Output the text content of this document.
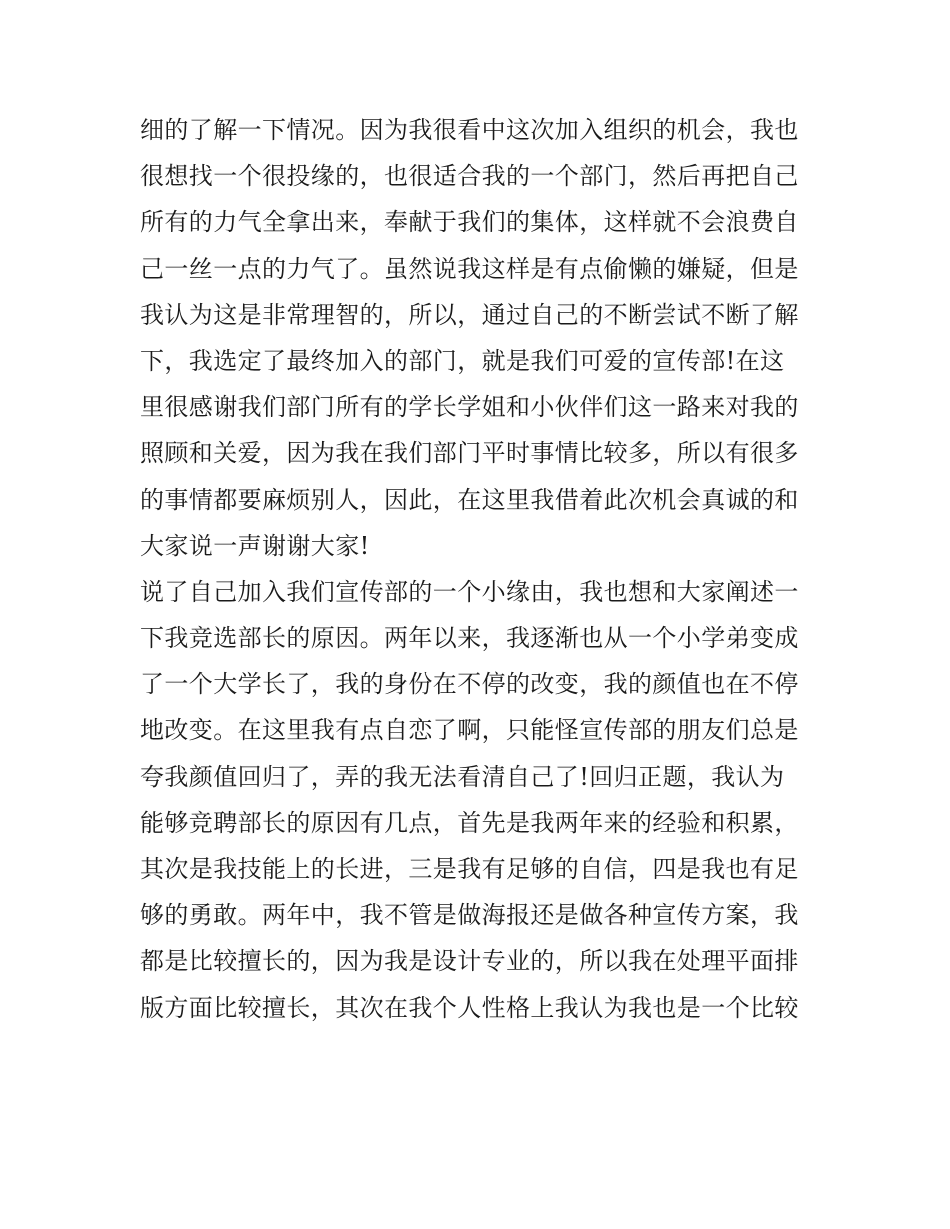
细的了解一下情况。因为我很看中这次加入组织的机会，我也
很想找一个很投缘的，也很适合我的一个部门，然后再把自己
所有的力气全拿出来，奉献于我们的集体，这样就不会浪费自
己一丝一点的力气了。虽然说我这样是有点偷懒的嫌疑，但是
我认为这是非常理智的，所以，通过自己的不断尝试不断了解
下，我选定了最终加入的部门，就是我们可爱的宣传部!在这
里很感谢我们部门所有的学长学姐和小伙伴们这一路来对我的
照顾和关爱，因为我在我们部门平时事情比较多，所以有很多
的事情都要麻烦别人，因此，在这里我借着此次机会真诚的和
大家说一声谢谢大家!
说了自己加入我们宣传部的一个小缘由，我也想和大家阐述一
下我竞选部长的原因。两年以来，我逐渐也从一个小学弟变成
了一个大学长了，我的身份在不停的改变，我的颜值也在不停
地改变。在这里我有点自恋了啊，只能怪宣传部的朋友们总是
夸我颜值回归了，弄的我无法看清自己了!回归正题，我认为
能够竞聘部长的原因有几点，首先是我两年来的经验和积累，
其次是我技能上的长进，三是我有足够的自信，四是我也有足
够的勇敢。两年中，我不管是做海报还是做各种宣传方案，我
都是比较擅长的，因为我是设计专业的，所以我在处理平面排
版方面比较擅长，其次在我个人性格上我认为我也是一个比较
